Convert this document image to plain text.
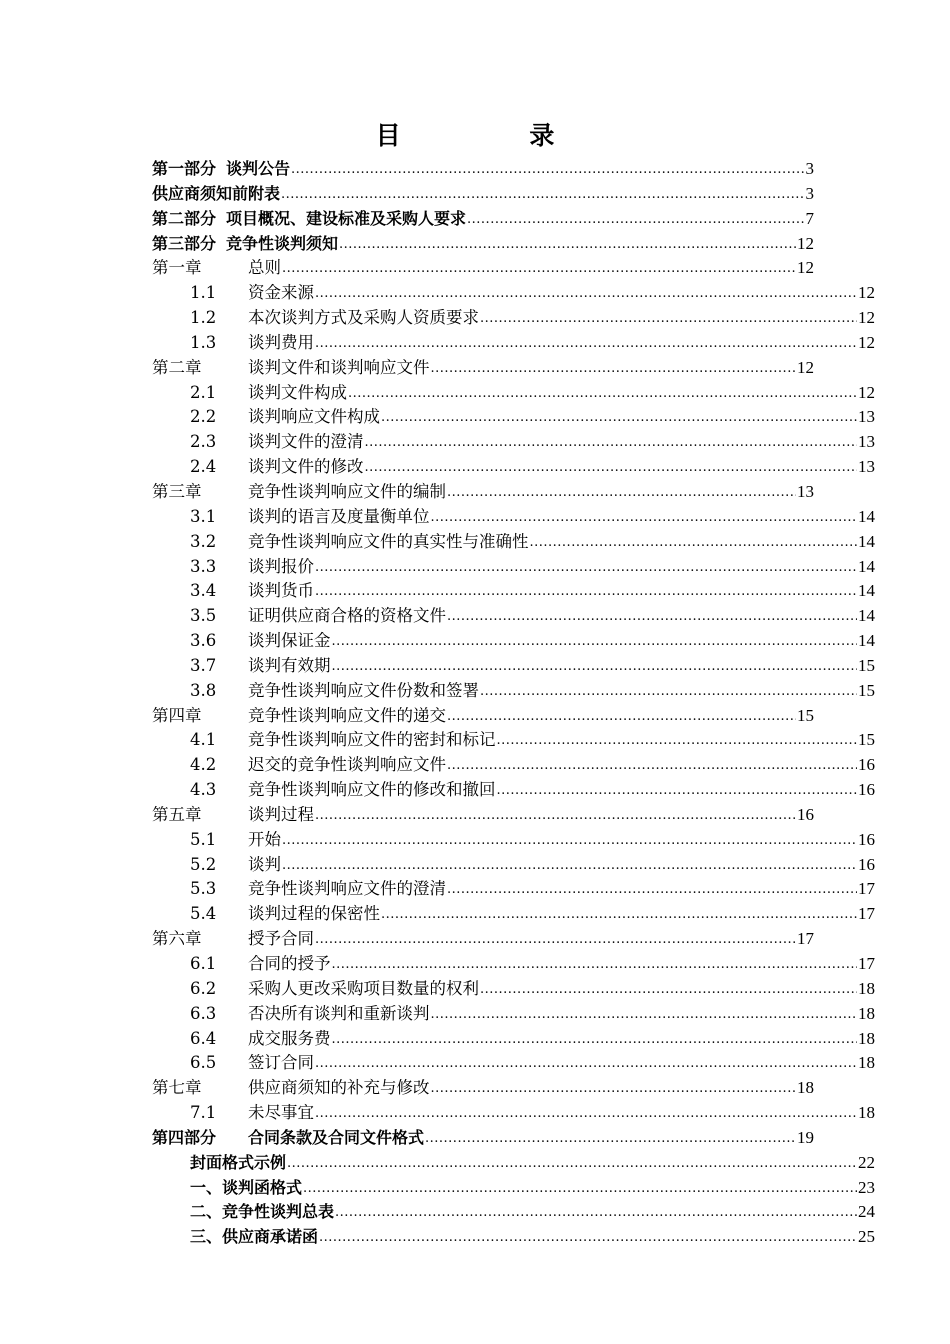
目 录
第一部分 谈判公告 .....	3
供应商须知前附表 .....	3
第二部分 项目概况、建设标准及采购人要求 .....	7
第三部分 竞争性谈判须知 .....	12
第一章	总则 .....	12
1.1	资金来源 .....	12
1.2	本次谈判方式及采购人资质要求 .....	12
1.3	谈判费用 .....	12
第二章	谈判文件和谈判响应文件 .....	12
2.1	谈判文件构成 .....	12
2.2	谈判响应文件构成 .....	13
2.3	谈判文件的澄清 .....	13
2.4	谈判文件的修改 .....	13
第三章	竞争性谈判响应文件的编制 .....	13
3.1	谈判的语言及度量衡单位 .....	14
3.2	竞争性谈判响应文件的真实性与准确性 .....	14
3.3	谈判报价 .....	14
3.4	谈判货币 .....	14
3.5	证明供应商合格的资格文件 .....	14
3.6	谈判保证金 .....	14
3.7	谈判有效期 .....	15
3.8	竞争性谈判响应文件份数和签署 .....	15
第四章	竞争性谈判响应文件的递交 .....	15
4.1	竞争性谈判响应文件的密封和标记 .....	15
4.2	迟交的竞争性谈判响应文件 .....	16
4.3	竞争性谈判响应文件的修改和撤回 .....	16
第五章	谈判过程 .....	16
5.1	开始 .....	16
5.2	谈判 .....	16
5.3	竞争性谈判响应文件的澄清 .....	17
5.4	谈判过程的保密性 .....	17
第六章	授予合同 .....	17
6.1	合同的授予 .....	17
6.2	采购人更改采购项目数量的权利 .....	18
6.3	否决所有谈判和重新谈判 .....	18
6.4	成交服务费 .....	18
6.5	签订合同 .....	18
第七章	供应商须知的补充与修改 .....	18
7.1	未尽事宜 .....	18
第四部分	合同条款及合同文件格式 .....	19
封面格式示例 .....	22
一、谈判函格式 .....	23
二、竞争性谈判总表 .....	24
三、供应商承诺函 .....	25
